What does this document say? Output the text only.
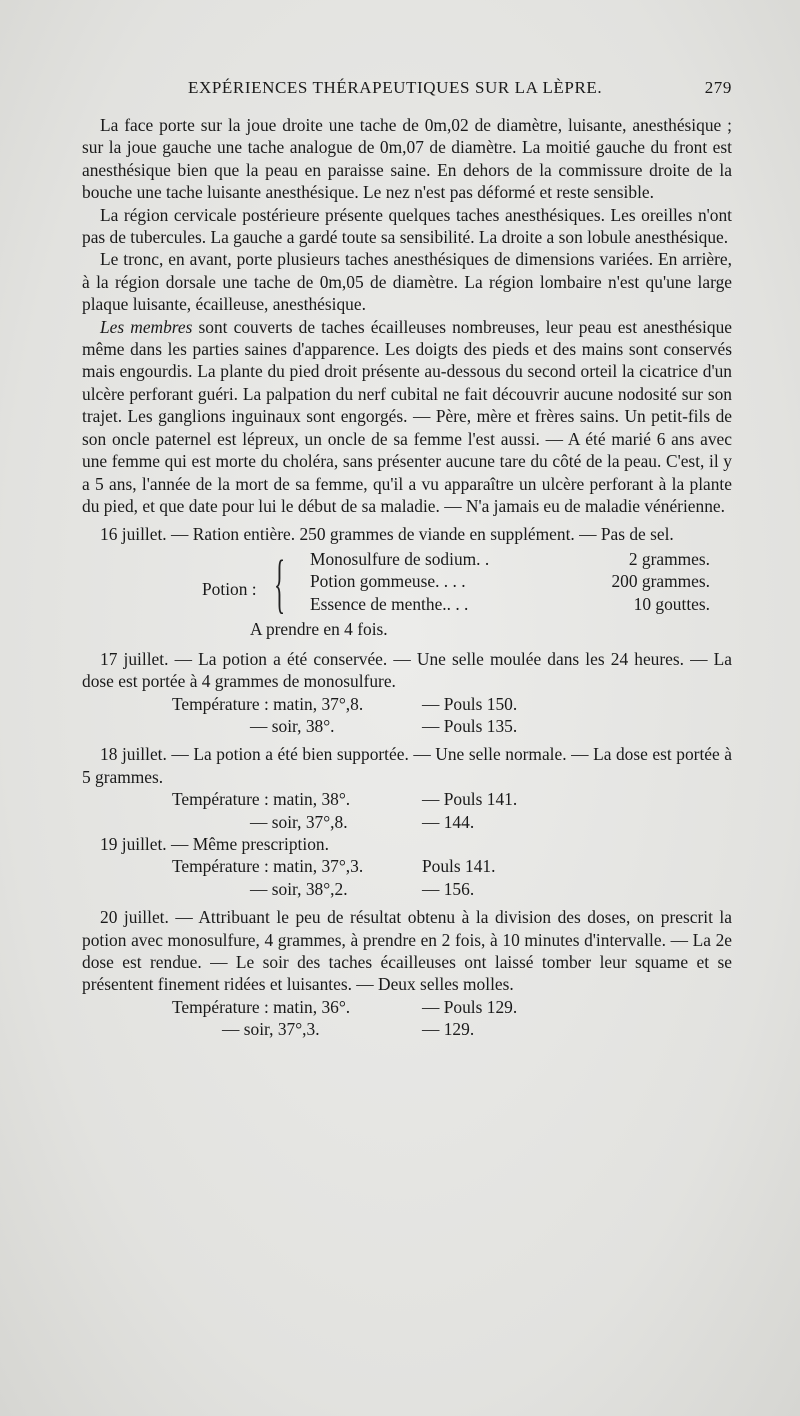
EXPÉRIENCES THÉRAPEUTIQUES SUR LA LÈPRE.	279

La face porte sur la joue droite une tache de 0m,02 de diamètre, luisante, anesthésique ; sur la joue gauche une tache analogue de 0m,07 de diamètre. La moitié gauche du front est anesthésique bien que la peau en paraisse saine. En dehors de la commissure droite de la bouche une tache luisante anesthésique. Le nez n'est pas déformé et reste sensible.

La région cervicale postérieure présente quelques taches anesthésiques. Les oreilles n'ont pas de tubercules. La gauche a gardé toute sa sensibilité. La droite a son lobule anesthésique.

Le tronc, en avant, porte plusieurs taches anesthésiques de dimensions variées. En arrière, à la région dorsale une tache de 0m,05 de diamètre. La région lombaire n'est qu'une large plaque luisante, écailleuse, anesthésique.

Les membres sont couverts de taches écailleuses nombreuses, leur peau est anesthésique même dans les parties saines d'apparence. Les doigts des pieds et des mains sont conservés mais engourdis. La plante du pied droit présente au-dessous du second orteil la cicatrice d'un ulcère perforant guéri. La palpation du nerf cubital ne fait découvrir aucune nodosité sur son trajet. Les ganglions inguinaux sont engorgés. — Père, mère et frères sains. Un petit-fils de son oncle paternel est lépreux, un oncle de sa femme l'est aussi. — A été marié 6 ans avec une femme qui est morte du choléra, sans présenter aucune tare du côté de la peau. C'est, il y a 5 ans, l'année de la mort de sa femme, qu'il a vu apparaître un ulcère perforant à la plante du pied, et que date pour lui le début de sa maladie. — N'a jamais eu de maladie vénérienne.

16 juillet. — Ration entière. 250 grammes de viande en supplément. — Pas de sel.

Potion : { Monosulfure de sodium. .	2 grammes.
Potion gommeuse. . . .	200 grammes.
Essence de menthe.. . .	10 gouttes.
A prendre en 4 fois.

17 juillet. — La potion a été conservée. — Une selle moulée dans les 24 heures. — La dose est portée à 4 grammes de monosulfure.

Température : matin, 37°,8.	— Pouls 150.
— soir, 38°.	— Pouls 135.

18 juillet. — La potion a été bien supportée. — Une selle normale. — La dose est portée à 5 grammes.

Température : matin, 38°.	— Pouls 141.
— soir, 37°,8.	— 144.

19 juillet. — Même prescription.

Température : matin, 37°,3.	Pouls 141.
— soir, 38°,2.	— 156.

20 juillet. — Attribuant le peu de résultat obtenu à la division des doses, on prescrit la potion avec monosulfure, 4 grammes, à prendre en 2 fois, à 10 minutes d'intervalle. — La 2e dose est rendue. — Le soir des taches écailleuses ont laissé tomber leur squame et se présentent finement ridées et luisantes. — Deux selles molles.

Température : matin, 36°.	— Pouls 129.
— soir, 37°,3.	— 129.
